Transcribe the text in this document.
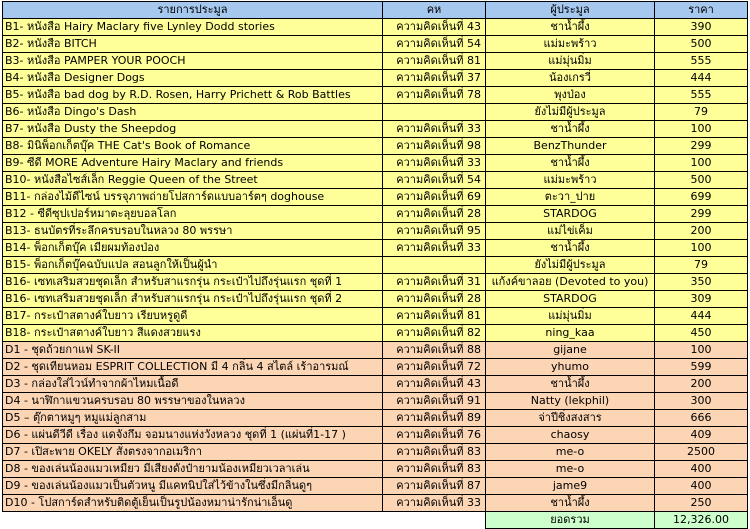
รายการประมูล	คห	ผู้ประมูล	ราคา
B1- หนังสือ Hairy Maclary five Lynley Dodd stories	ความคิดเห็นที่ 43	ชาน้ำผึ้ง	390
B2- หนังสือ BITCH	ความคิดเห็นที่ 54	แม่มะพร้าว	500
B3- หนังสือ PAMPER YOUR POOCH	ความคิดเห็นที่ 81	แม่มุ่นมิ่ม	555
B4- หนังสือ Designer Dogs	ความคิดเห็นที่ 37	น้องเกรวี่	444
B5- หนังสือ bad dog by R.D. Rosen, Harry Prichett & Rob Battles	ความคิดเห็นที่ 78	พุงป่อง	555
B6- หนังสือ Dingo's Dash		ยังไม่มีผู้ประมูล	79
B7- หนังสือ Dusty the Sheepdog	ความคิดเห็นที่ 33	ชาน้ำผึ้ง	100
B8- มินิพ็อกเก็ตบุ๊ค THE Cat's Book of Romance	ความคิดเห็นที่ 98	BenzThunder	299
B9- ซีดี MORE Adventure Hairy Maclary and friends	ความคิดเห็นที่ 33	ชาน้ำผึ้ง	100
B10- หนังสือไซส์เล็ก Reggie Queen of the Street	ความคิดเห็นที่ 54	แม่มะพร้าว	500
B11- กล่องไม้ดีไซน์ บรรจุภาพถ่ายโปสการ์ดแบบอาร์ตๆ doghouse	ความคิดเห็นที่ 69	ตะวา_ปาย	699
B12 - ซีดีซุปเปอร์หมาตะลุยบอลโลก	ความคิดเห็นที่ 28	STARDOG	299
B13- ธนบัตรที่ระลึกครบรอบในหลวง 80 พรรษา	ความคิดเห็นที่ 95	แม่ไข่เค็ม	200
B14- พ็อกเก็ตบุ๊ค เมียผมท้องป่อง	ความคิดเห็นที่ 33	ชาน้ำผึ้ง	100
B15- พ็อกเก็ตบุ๊คฉบับแปล สอนลูกให้เป็นผู้นำ		ยังไม่มีผู้ประมูล	79
B16- เซทเสริมสวยชุดเล็ก สำหรับสาแรกรุ่น กระเป๋าไปถึงรุ่นแรก ชุดที่ 1	ความคิดเห็นที่ 31	แก้งค์ขาลอย (Devoted to you)	350
B16- เซทเสริมสวยชุดเล็ก สำหรับสาแรกรุ่น กระเป๋าไปถึงรุ่นแรก ชุดที่ 2	ความคิดเห็นที่ 28	STARDOG	309
B17- กระเป๋าสตางค์ใบยาว เรียบหรูดูดี	ความคิดเห็นที่ 81	แม่มุ่นมิ่ม	444
B18- กระเป๋าสตางค์ใบยาว สีแดงสวยแรง	ความคิดเห็นที่ 82	ning_kaa	450
D1 - ชุดถ้วยกาแฟ SK-II	ความคิดเห็นที่ 88	gijane	100
D2 - ชุดเทียนหอม ESPRIT COLLECTION มี 4 กลิ่น 4 สไตล์ เร้าอารมณ์	ความคิดเห็นที่ 72	yhumo	599
D3 - กล่องใส่ไวน์ทำจากผ้าไหมเนื้อดี	ความคิดเห็นที่ 43	ชาน้ำผึ้ง	200
D4 - นาฬิกาแขวนครบรอบ 80 พรรษาของในหลวง	ความคิดเห็นที่ 91	Natty (lekphil)	300
D5 – ตุ๊กตาหมูๆ หมูแม่ลูกสาม	ความคิดเห็นที่ 89	จ่าปีชิ่งสงสาร	666
D6 - แผ่นดีวีดี เรื่อง แดจังกึม จอมนางแห่งวังหลวง ชุดที่ 1 (แผ่นที่1-17 )	ความคิดเห็นที่ 76	chaosy	409
D7 - เปิสะพาย OKELY สั่งตรงจากอเมริกา	ความคิดเห็นที่ 83	me-o	2500
D8 - ของเล่นน้องแมวเหมียว มีเสียงดังป๋ายามน้องเหมียวเวลาเล่น	ความคิดเห็นที่ 83	me-o	400
D9 - ของเล่นน้องแมวเป็นตัวหนู มีแคทนิปใส่ไว้ข้างในซึ่งมีกลิ่นดูๆ	ความคิดเห็นที่ 87	jame9	400
D10 - โปสการ์ดสำหรับติดตู้เย็นเป็นรูปน้องหมาน่ารักน่าเอ็นดู	ความคิดเห็นที่ 33	ชาน้ำผึ้ง	250
		ยอดรวม	12,326.00
